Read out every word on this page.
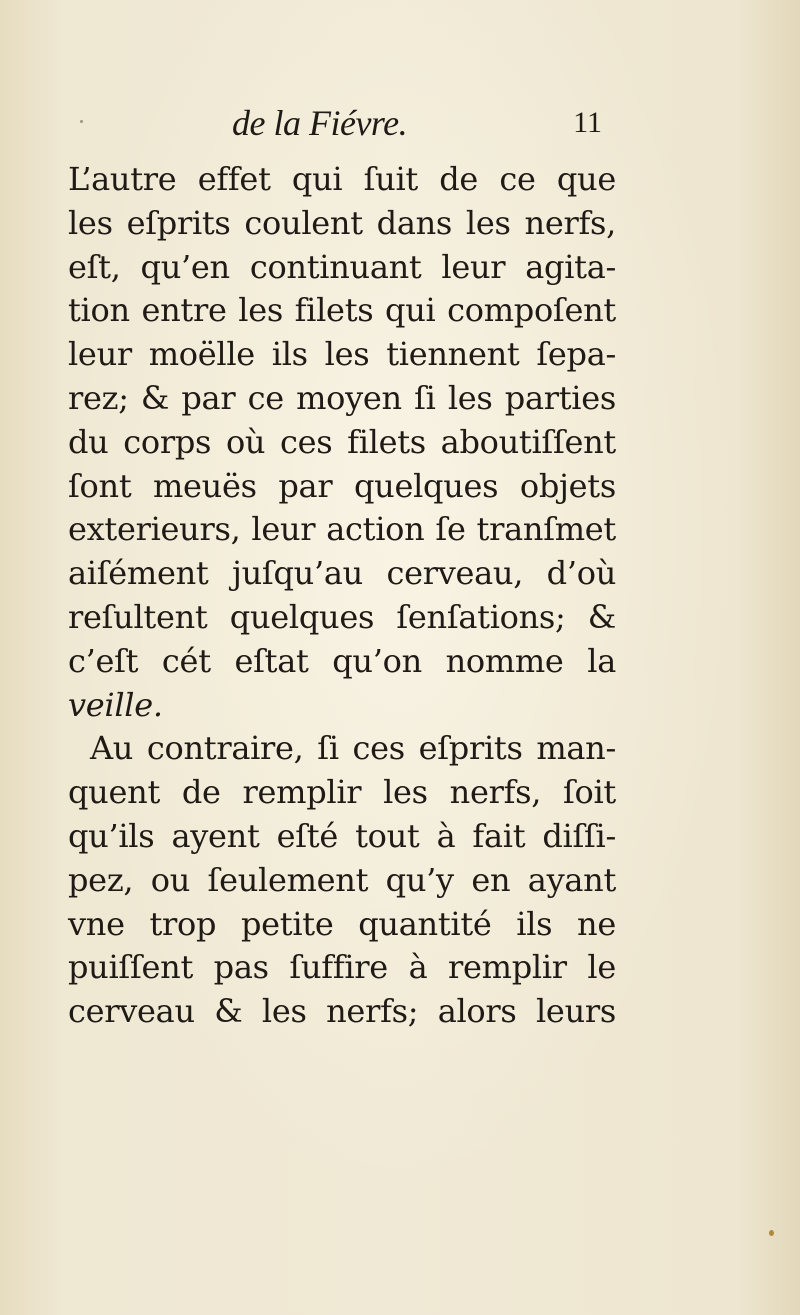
de la Fiévre.	11
L’autre effet qui ſuit de ce que
les eſprits coulent dans les nerfs,
eſt, qu’en continuant leur agita-
tion entre les filets qui compoſent
leur moëlle ils les tiennent ſepa-
rez; & par ce moyen ſi les parties
du corps où ces filets aboutiſſent
ſont meuës par quelques objets
exterieurs, leur action ſe tranſmet
aiſément juſqu’au cerveau, d’où
reſultent quelques ſenſations; &
c’eſt cét eſtat qu’on nomme la
veille.
Au contraire, ſi ces eſprits man-
quent de remplir les nerfs, ſoit
qu’ils ayent eſté tout à fait diſſi-
pez, ou ſeulement qu’y en ayant
vne trop petite quantité ils ne
puiſſent pas ſuffire à remplir le
cerveau & les nerfs; alors leurs
